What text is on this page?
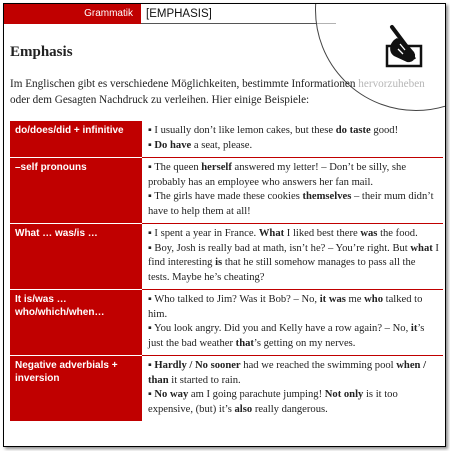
Grammatik	[EMPHASIS]
Emphasis
Im Englischen gibt es verschiedene Möglichkeiten, bestimmte Informationen hervorzuheben oder dem Gesagten Nachdruck zu verleihen. Hier einige Beispiele:
do/does/did + infinitive	▪ I usually don’t like lemon cakes, but these do taste good!

▪ Do have a seat, please.

–self pronouns	▪ The queen herself answered my letter! – Don’t be silly, she probably has an employee who answers her fan mail.

▪ The girls have made these cookies themselves – their mum didn’t have to help them at all!

What … was/is …	▪ I spent a year in France. What I liked best there was the food.

▪ Boy, Josh is really bad at math, isn’t he? – You’re right. But what I find interesting is that he still somehow manages to pass all the tests. Maybe he’s cheating?

It is/was … who/which/when…	▪ Who talked to Jim? Was it Bob? – No, it was me who talked to him.

▪ You look angry. Did you and Kelly have a row again? – No, it’s just the bad weather that’s getting on my nerves.

Negative adverbials + inversion	▪ Hardly / No sooner had we reached the swimming pool when / than it started to rain.

▪ No way am I going parachute jumping! Not only is it too expensive, (but) it’s also really dangerous.
